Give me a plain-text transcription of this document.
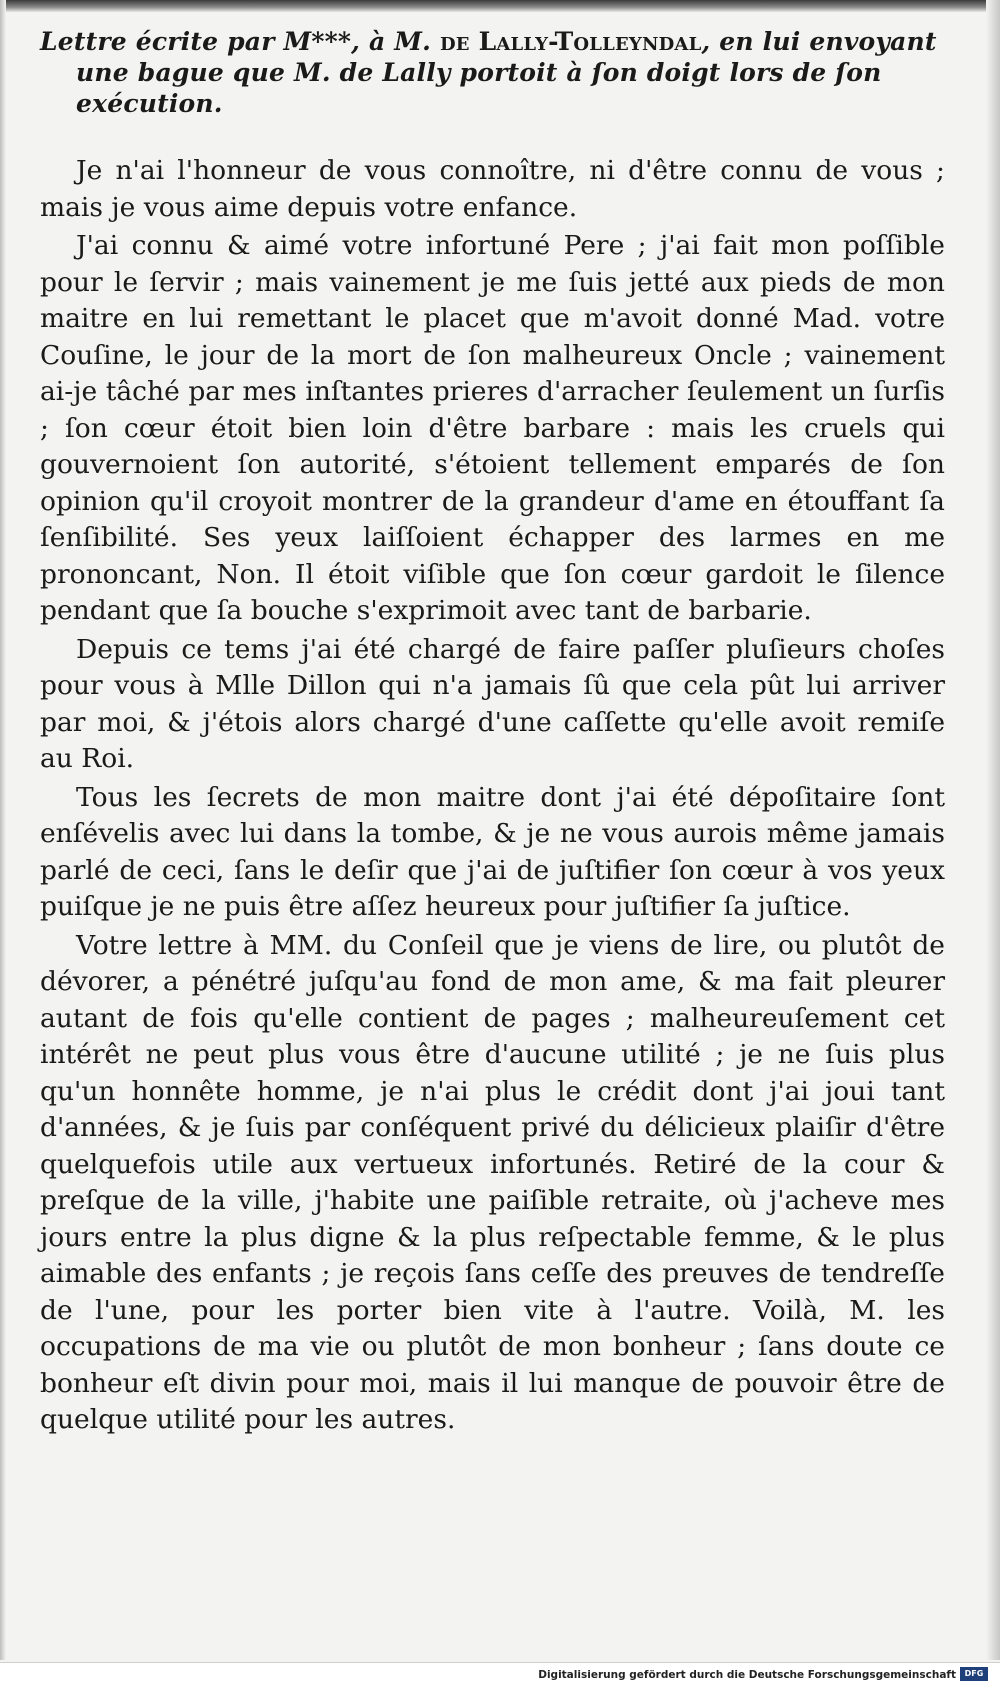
Lettre écrite par M***, à M. de Lally-Tolleyndal, en lui envoyant une bague que M. de Lally portoit à ſon doigt lors de ſon exécution.

Je n'ai l'honneur de vous connoître, ni d'être connu de vous ; mais je vous aime depuis votre enfance.

J'ai connu & aimé votre infortuné Pere ; j'ai fait mon poſſible pour le ſervir ; mais vainement je me ſuis jetté aux pieds de mon maitre en lui remettant le placet que m'avoit donné Mad. votre Couſine, le jour de la mort de ſon malheureux Oncle ; vainement ai-je tâché par mes inſtantes prieres d'arracher ſeulement un ſurſis ; ſon cœur étoit bien loin d'être barbare : mais les cruels qui gouvernoient ſon autorité, s'étoient tellement emparés de ſon opinion qu'il croyoit montrer de la grandeur d'ame en étouffant ſa ſenſibilité. Ses yeux laiſſoient échapper des larmes en me prononcant, Non. Il étoit viſible que ſon cœur gardoit le ſilence pendant que ſa bouche s'exprimoit avec tant de barbarie.

Depuis ce tems j'ai été chargé de faire paſſer pluſieurs choſes pour vous à Mlle Dillon qui n'a jamais ſû que cela pût lui arriver par moi, & j'étois alors chargé d'une caſſette qu'elle avoit remiſe au Roi.

Tous les ſecrets de mon maitre dont j'ai été dépoſitaire ſont enſévelis avec lui dans la tombe, & je ne vous aurois même jamais parlé de ceci, ſans le deſir que j'ai de juſtifier ſon cœur à vos yeux puiſque je ne puis être aſſez heureux pour juſtifier ſa juſtice.

Votre lettre à MM. du Conſeil que je viens de lire, ou plutôt de dévorer, a pénétré juſqu'au fond de mon ame, & ma fait pleurer autant de fois qu'elle contient de pages ; malheureuſement cet intérêt ne peut plus vous être d'aucune utilité ; je ne ſuis plus qu'un honnête homme, je n'ai plus le crédit dont j'ai joui tant d'années, & je ſuis par conſéquent privé du délicieux plaiſir d'être quelquefois utile aux vertueux infortunés. Retiré de la cour & preſque de la ville, j'habite une paiſible retraite, où j'acheve mes jours entre la plus digne & la plus reſpectable femme, & le plus aimable des enfants ; je reçois ſans ceſſe des preuves de tendreſſe de l'une, pour les porter bien vite à l'autre. Voilà, M. les occupations de ma vie ou plutôt de mon bonheur ; ſans doute ce bonheur eſt divin pour moi, mais il lui manque de pouvoir être de quelque utilité pour les autres.

Digitalisierung gefördert durch die Deutsche Forschungsgemeinschaft	DFG
